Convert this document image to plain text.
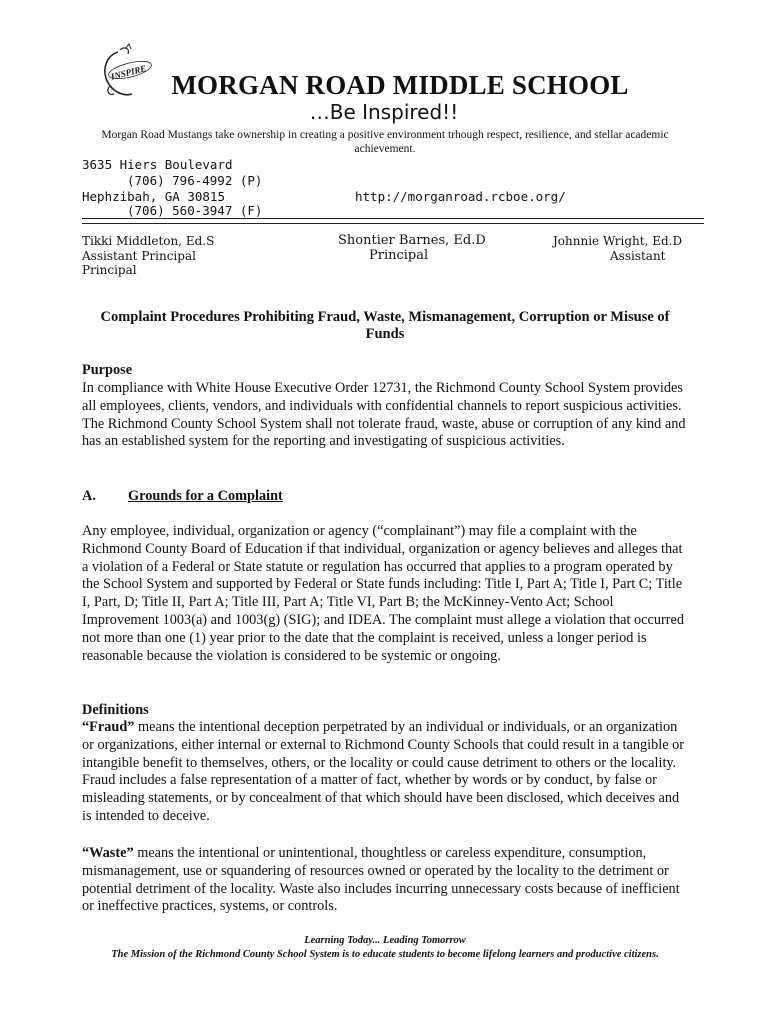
INSPIRE MORGAN ROAD MIDDLE SCHOOL
…Be Inspired!!
Morgan Road Mustangs take ownership in creating a positive environment trhough respect, resilience, and stellar academic achievement.
3635 Hiers Boulevard
(706) 796-4992 (P)
Hephzibah, GA 30815	http://morganroad.rcboe.org/
(706) 560-3947 (F)
Tikki Middleton, Ed.S
Assistant Principal
Principal
Shontier Barnes, Ed.D
Principal
Johnnie Wright, Ed.D
Assistant
Complaint Procedures Prohibiting Fraud, Waste, Mismanagement, Corruption or Misuse of Funds
Purpose
In compliance with White House Executive Order 12731, the Richmond County School System provides all employees, clients, vendors, and individuals with confidential channels to report suspicious activities. The Richmond County School System shall not tolerate fraud, waste, abuse or corruption of any kind and has an established system for the reporting and investigating of suspicious activities.
A. Grounds for a Complaint
Any employee, individual, organization or agency (“complainant”) may file a complaint with the Richmond County Board of Education if that individual, organization or agency believes and alleges that a violation of a Federal or State statute or regulation has occurred that applies to a program operated by the School System and supported by Federal or State funds including: Title I, Part A; Title I, Part C; Title I, Part, D; Title II, Part A; Title III, Part A; Title VI, Part B; the McKinney-Vento Act; School Improvement 1003(a) and 1003(g) (SIG); and IDEA. The complaint must allege a violation that occurred not more than one (1) year prior to the date that the complaint is received, unless a longer period is reasonable because the violation is considered to be systemic or ongoing.
Definitions
“Fraud” means the intentional deception perpetrated by an individual or individuals, or an organization or organizations, either internal or external to Richmond County Schools that could result in a tangible or intangible benefit to themselves, others, or the locality or could cause detriment to others or the locality. Fraud includes a false representation of a matter of fact, whether by words or by conduct, by false or misleading statements, or by concealment of that which should have been disclosed, which deceives and is intended to deceive.
“Waste” means the intentional or unintentional, thoughtless or careless expenditure, consumption, mismanagement, use or squandering of resources owned or operated by the locality to the detriment or potential detriment of the locality. Waste also includes incurring unnecessary costs because of inefficient or ineffective practices, systems, or controls.
Learning Today... Leading Tomorrow
The Mission of the Richmond County School System is to educate students to become lifelong learners and productive citizens.
